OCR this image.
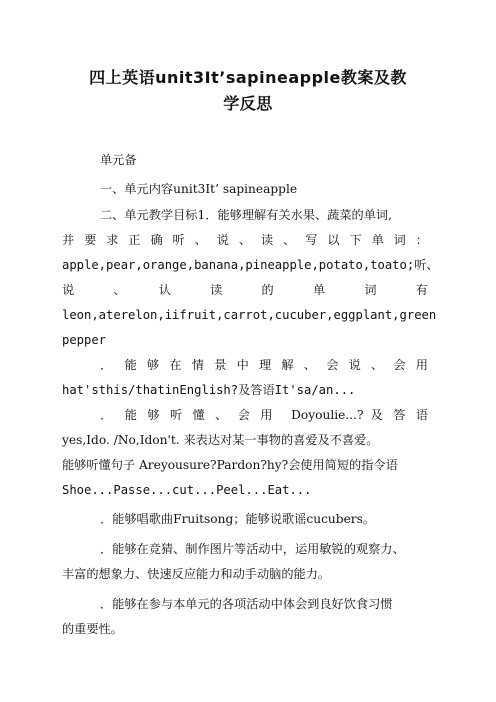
四上英语unit3It’sapineapple教案及教
学反思
单元备
一、单元内容unit3It’ sapineapple
二、单元教学目标1．能够理解有关水果、蔬菜的单词,
并 要 求 正 确 听 、 说 、 读 、 写 以 下 单 词 ：
apple,pear,orange,banana,pineapple,potato,toato;听、
说　　、　　认　　读　　的　　单　　词　　有
leon,aterelon,iifruit,carrot,cucuber,eggplant,green
pepper
．　能 够 在 情 景 中 理 解 、 会 说 、 会 用
hat'sthis/thatinEnglish?及答语It'sa/an...
．　能 够 听 懂 、 会 用　Doyoulie...? 及 答 语
yes,Ido. /No,Idon't. 来表达对某一事物的喜爱及不喜爱。
能够听懂句子 Areyousure?Pardon?hy?会使用简短的指令语
Shoe...Passe...cut...Peel...Eat...
．能够唱歌曲Fruitsong；能够说歌谣cucubers。
．能够在竞猜、制作图片等活动中，运用敏锐的观察力、
丰富的想象力、快速反应能力和动手动脑的能力。
．能够在参与本单元的各项活动中体会到良好饮食习惯
的重要性。
